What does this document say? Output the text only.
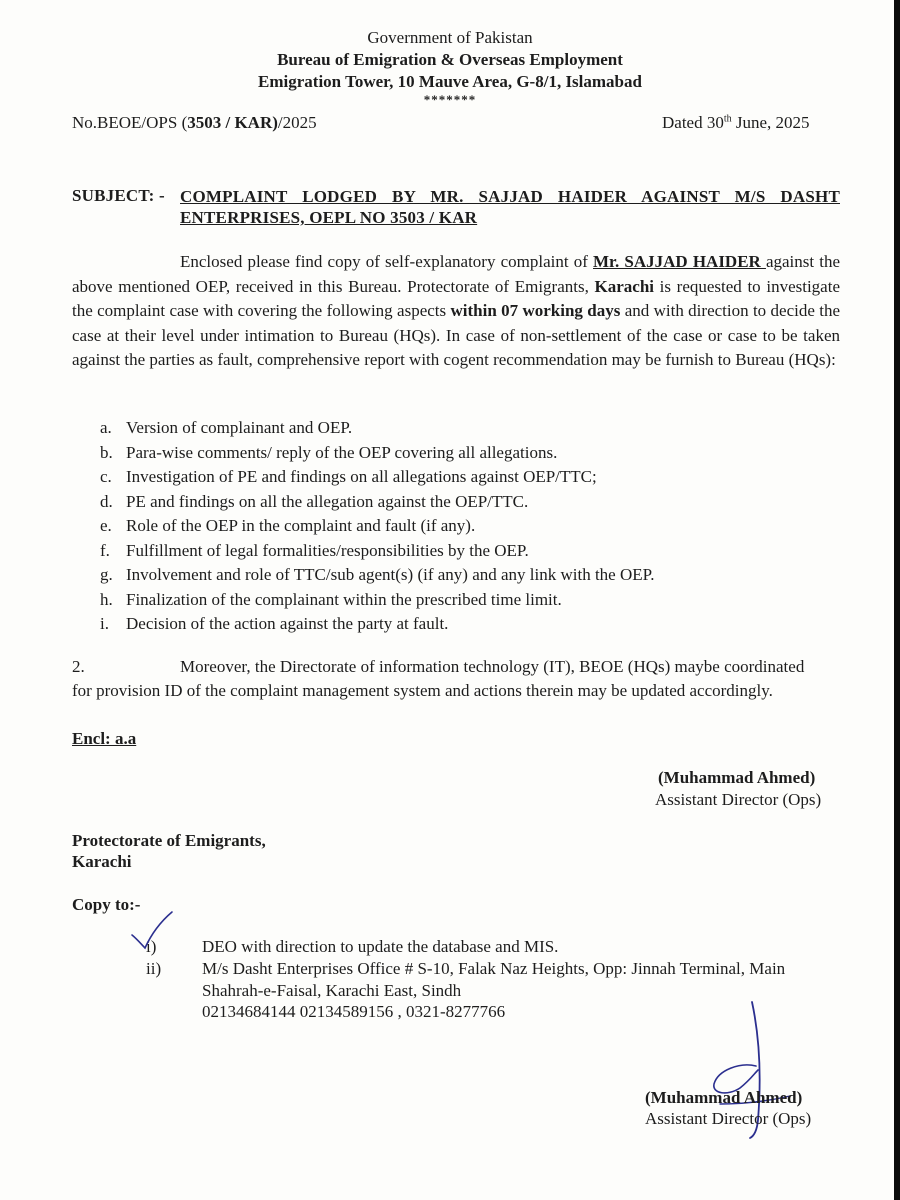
Government of Pakistan
Bureau of Emigration & Overseas Employment
Emigration Tower, 10 Mauve Area, G-8/1, Islamabad
*******
No.BEOE/OPS (3503 / KAR)/2025	Dated 30th June, 2025
SUBJECT: - COMPLAINT LODGED BY MR. SAJJAD HAIDER AGAINST M/S DASHT ENTERPRISES, OEPL NO 3503 / KAR

Enclosed please find copy of self-explanatory complaint of Mr. SAJJAD HAIDER against the above mentioned OEP, received in this Bureau. Protectorate of Emigrants, Karachi is requested to investigate the complaint case with covering the following aspects within 07 working days and with direction to decide the case at their level under intimation to Bureau (HQs). In case of non-settlement of the case or case to be taken against the parties as fault, comprehensive report with cogent recommendation may be furnish to Bureau (HQs):

a. Version of complainant and OEP.
b. Para-wise comments/ reply of the OEP covering all allegations.
c. Investigation of PE and findings on all allegations against OEP/TTC;
d. PE and findings on all the allegation against the OEP/TTC.
e. Role of the OEP in the complaint and fault (if any).
f. Fulfillment of legal formalities/responsibilities by the OEP.
g. Involvement and role of TTC/sub agent(s) (if any) and any link with the OEP.
h. Finalization of the complainant within the prescribed time limit.
i.	Decision of the action against the party at fault.
2.	Moreover, the Directorate of information technology (IT), BEOE (HQs) maybe coordinated
for provision ID of the complaint management system and actions therein may be updated accordingly.
Encl: a.a
(Muhammad Ahmed)
Assistant Director (Ops)
Protectorate of Emigrants,
Karachi
Copy to:-
i)	DEO with direction to update the database and MIS.
ii)	M/s Dasht Enterprises Office # S-10, Falak Naz Heights, Opp: Jinnah Terminal, Main
Shahrah-e-Faisal, Karachi East, Sindh
02134684144 02134589156 , 0321-8277766
(Muhammad Ahmed)
Assistant Director (Ops)
